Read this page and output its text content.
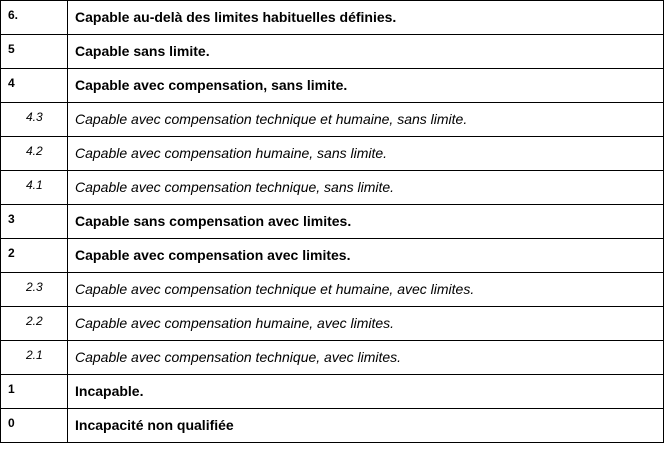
6.	Capable au-delà des limites habituelles définies.
5	Capable sans limite.
4	Capable avec compensation, sans limite.
4.3	Capable avec compensation technique et humaine, sans limite.
4.2	Capable avec compensation humaine, sans limite.
4.1	Capable avec compensation technique, sans limite.
3	Capable sans compensation avec limites.
2	Capable avec compensation avec limites.
2.3	Capable avec compensation technique et humaine, avec limites.
2.2	Capable avec compensation humaine, avec limites.
2.1	Capable avec compensation technique, avec limites.
1	Incapable.
0	Incapacité non qualifiée
